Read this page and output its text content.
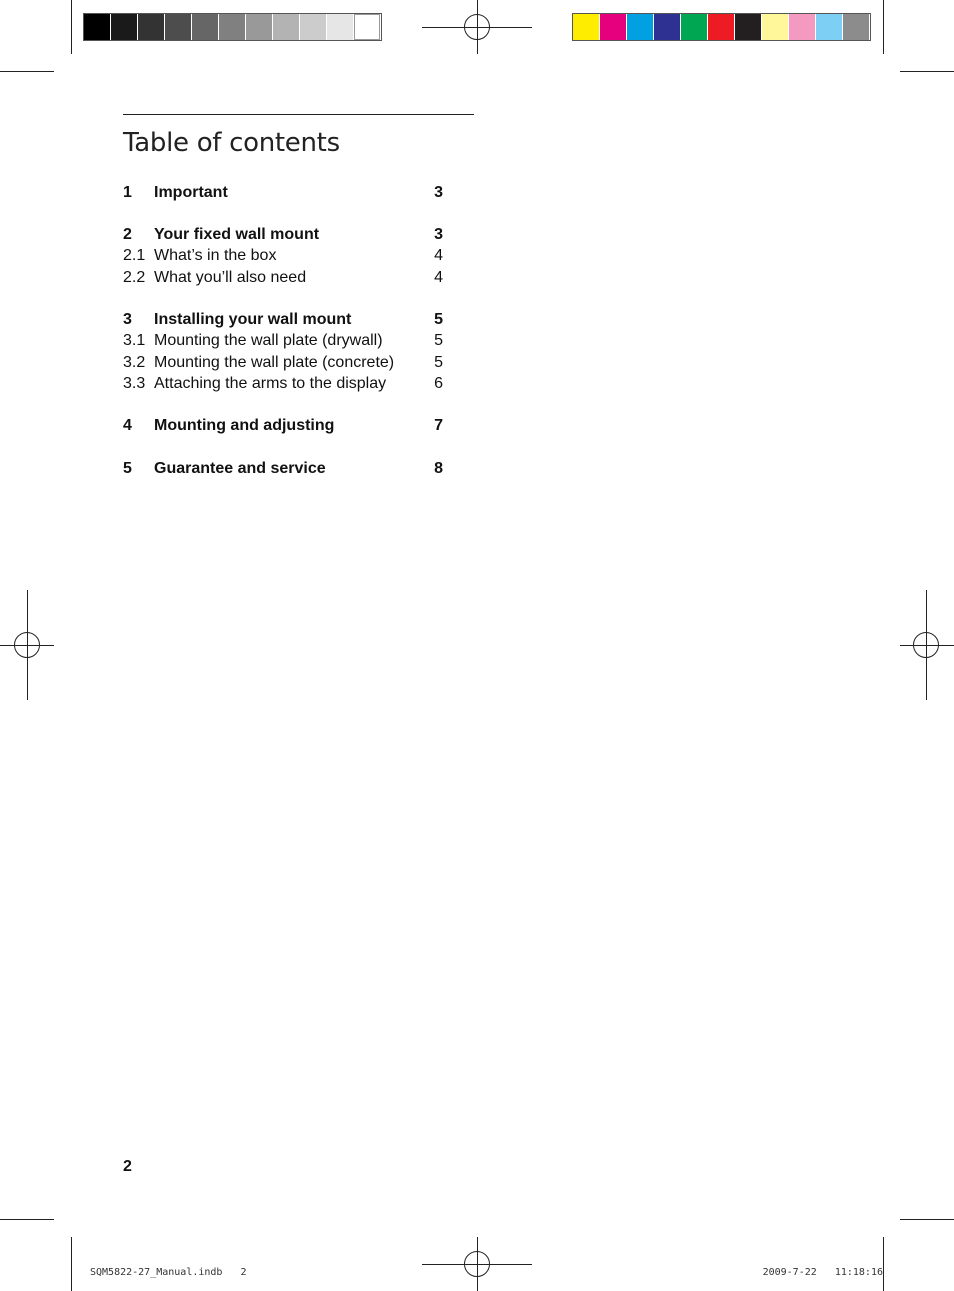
Table of contents
1 Important	3
2 Your fixed wall mount	3
2.1 What’s in the box	4
2.2 What you’ll also need	4
3 Installing your wall mount	5
3.1 Mounting the wall plate (drywall)	5
3.2 Mounting the wall plate (concrete) 5
3.3 Attaching the arms to the display	6
4 Mounting and adjusting	7
5 Guarantee and service	8
2
SQM5822-27_Manual.indb   2	2009-7-22   11:18:16
